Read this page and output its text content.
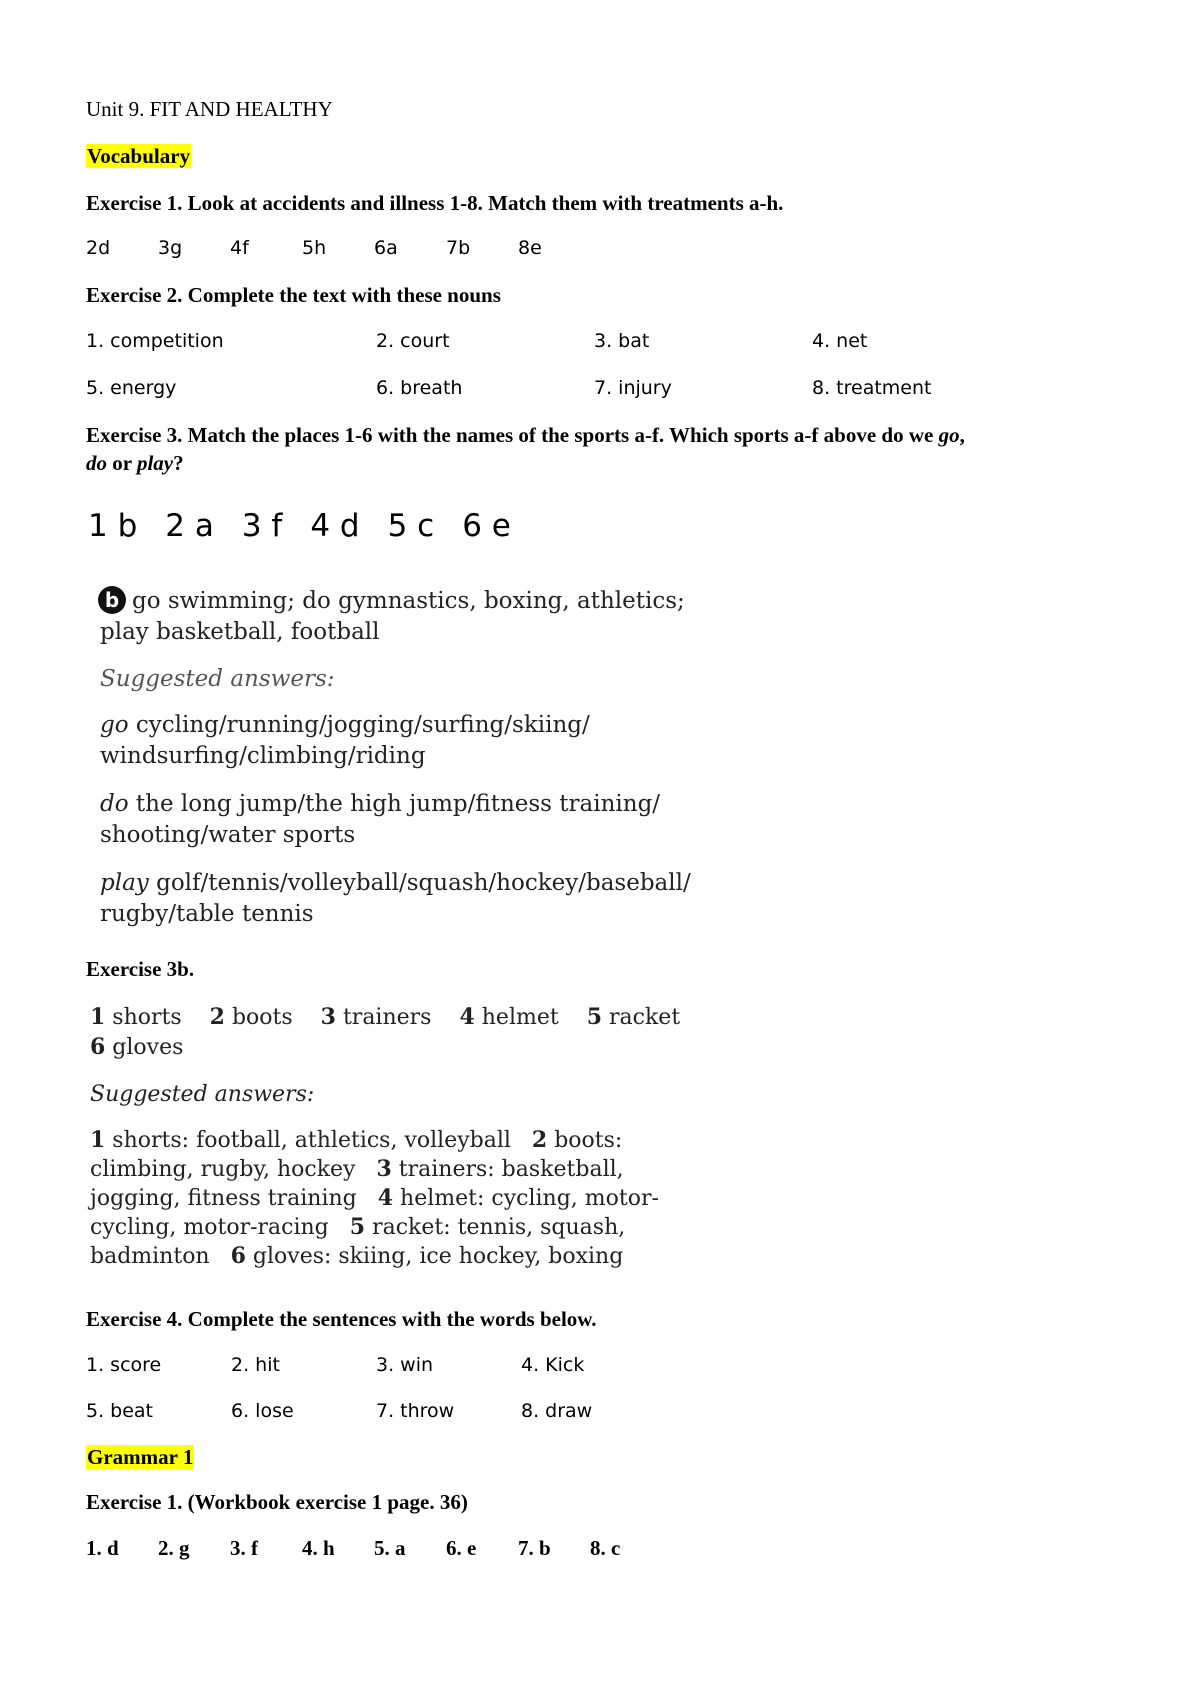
Unit 9. FIT AND HEALTHY
Vocabulary
Exercise 1. Look at accidents and illness 1-8. Match them with treatments a-h.
2d	3g	4f	5h	6a	7b	8e
Exercise 2. Complete the text with these nouns
1. competition	2. court	3. bat	4. net
5. energy	6. breath	7. injury	8. treatment
Exercise 3. Match the places 1-6 with the names of the sports a-f. Which sports a-f above do we go,
do or play?
1 b 2 a 3 f 4 d 5 c 6 e
b go swimming; do gymnastics, boxing, athletics;
play basketball, football
Suggested answers:
go cycling/running/jogging/surfing/skiing/
windsurfing/climbing/riding
do the long jump/the high jump/fitness training/
shooting/water sports
play golf/tennis/volleyball/squash/hockey/baseball/
rugby/table tennis
Exercise 3b.
1 shorts 2 boots 3 trainers 4 helmet 5 racket
6 gloves
Suggested answers:
1 shorts: football, athletics, volleyball 2 boots:
climbing, rugby, hockey 3 trainers: basketball,
jogging, fitness training 4 helmet: cycling, motor-
cycling, motor-racing 5 racket: tennis, squash,
badminton 6 gloves: skiing, ice hockey, boxing
Exercise 4. Complete the sentences with the words below.
1. score	2. hit	3. win	4. Kick
5. beat	6. lose	7. throw	8. draw
Grammar 1
Exercise 1. (Workbook exercise 1 page. 36)
1. d 2. g 3. f 4. h 5. a 6. e 7. b 8. c
